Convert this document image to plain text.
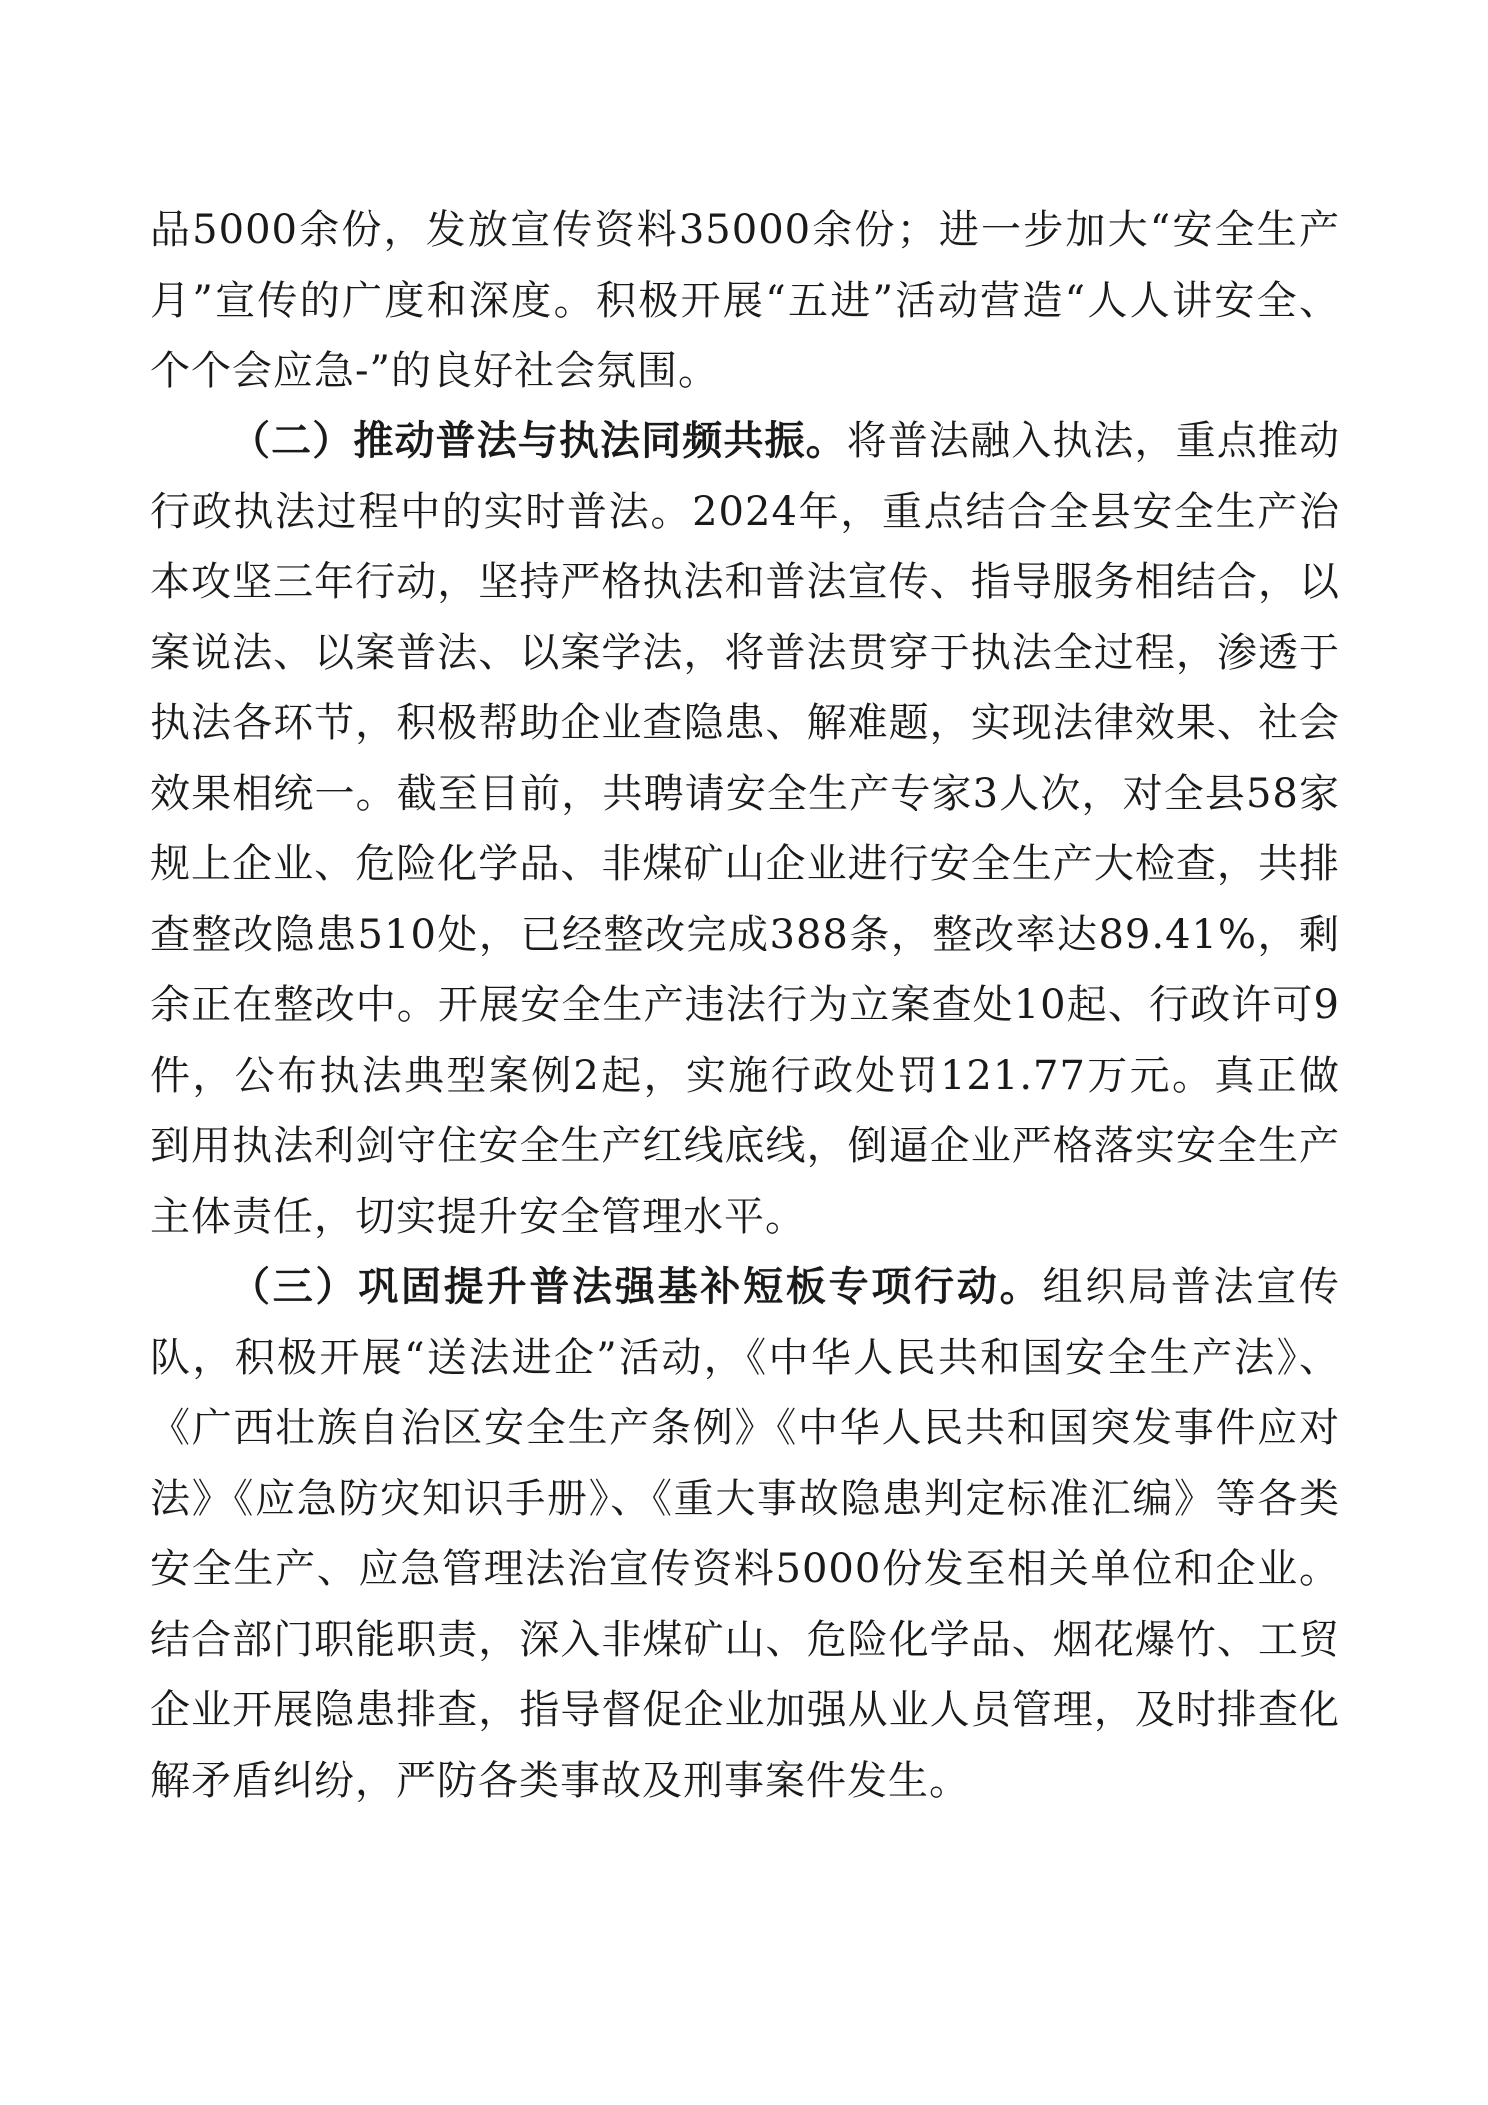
品5000余份，发放宣传资料35000余份；进一步加大“安全生产月”宣传的广度和深度。积极开展“五进”活动营造“人人讲安全、个个会应急-”的良好社会氛围。

（二）推动普法与执法同频共振。将普法融入执法，重点推动行政执法过程中的实时普法。2024年，重点结合全县安全生产治本攻坚三年行动，坚持严格执法和普法宣传、指导服务相结合，以案说法、以案普法、以案学法，将普法贯穿于执法全过程，渗透于执法各环节，积极帮助企业查隐患、解难题，实现法律效果、社会效果相统一。截至目前，共聘请安全生产专家3人次，对全县58家规上企业、危险化学品、非煤矿山企业进行安全生产大检查，共排查整改隐患510处，已经整改完成388条，整改率达89.41%，剩余正在整改中。开展安全生产违法行为立案查处10起、行政许可9件，公布执法典型案例2起，实施行政处罚121.77万元。真正做到用执法利剑守住安全生产红线底线，倒逼企业严格落实安全生产主体责任，切实提升安全管理水平。

（三）巩固提升普法强基补短板专项行动。组织局普法宣传队，积极开展“送法进企”活动，《中华人民共和国安全生产法》、《广西壮族自治区安全生产条例》《中华人民共和国突发事件应对法》《应急防灾知识手册》、《重大事故隐患判定标准汇编》等各类安全生产、应急管理法治宣传资料5000份发至相关单位和企业。结合部门职能职责，深入非煤矿山、危险化学品、烟花爆竹、工贸企业开展隐患排查，指导督促企业加强从业人员管理，及时排查化解矛盾纠纷，严防各类事故及刑事案件发生。
